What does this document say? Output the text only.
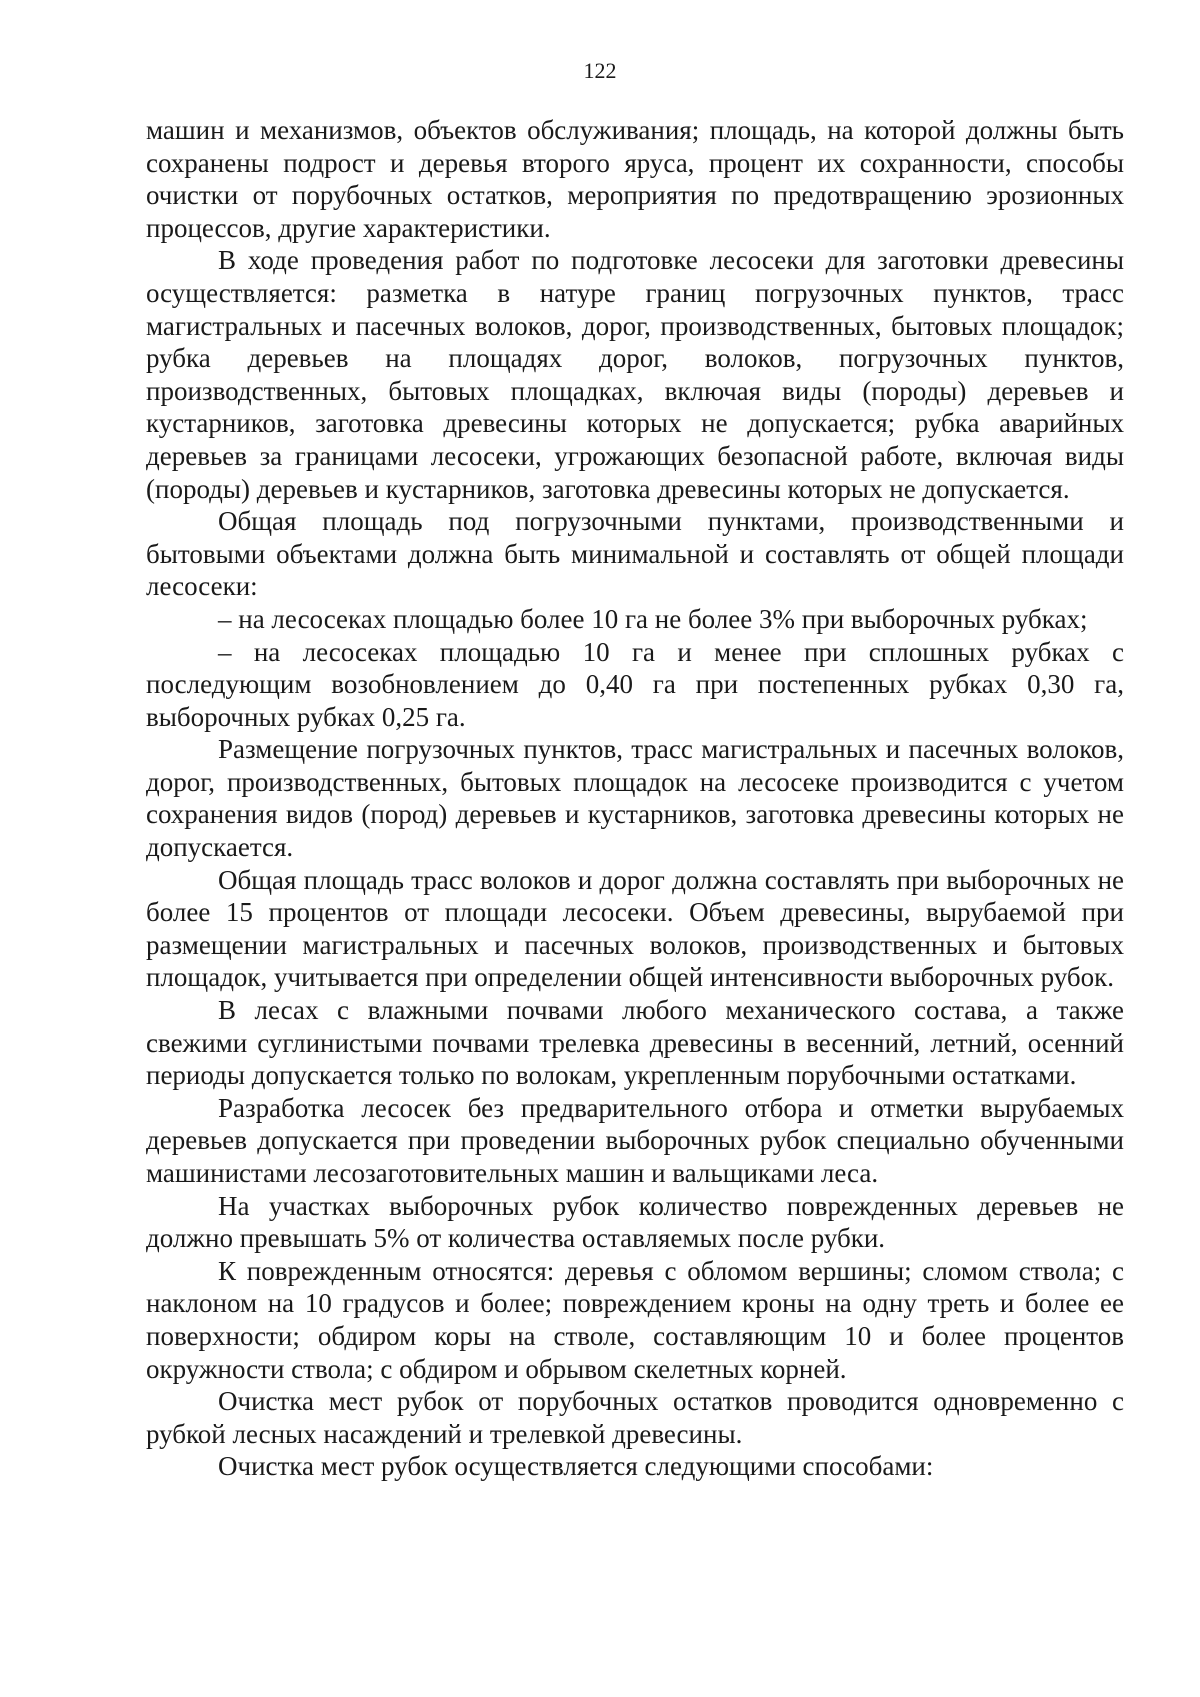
122

машин и механизмов, объектов обслуживания; площадь, на которой должны быть сохранены подрост и деревья второго яруса, процент их сохранности, способы очистки от порубочных остатков, мероприятия по предотвращению эрозионных процессов, другие характеристики.

В ходе проведения работ по подготовке лесосеки для заготовки древесины осуществляется: разметка в натуре границ погрузочных пунктов, трасс магистральных и пасечных волоков, дорог, производственных, бытовых площадок; рубка деревьев на площадях дорог, волоков, погрузочных пунктов, производственных, бытовых площадках, включая виды (породы) деревьев и кустарников, заготовка древесины которых не допускается; рубка аварийных деревьев за границами лесосеки, угрожающих безопасной работе, включая виды (породы) деревьев и кустарников, заготовка древесины которых не допускается.

Общая площадь под погрузочными пунктами, производственными и бытовыми объектами должна быть минимальной и составлять от общей площади лесосеки:

– на лесосеках площадью более 10 га не более 3% при выборочных рубках;

– на лесосеках площадью 10 га и менее при сплошных рубках с последующим возобновлением до 0,40 га при постепенных рубках 0,30 га, выборочных рубках 0,25 га.

Размещение погрузочных пунктов, трасс магистральных и пасечных волоков, дорог, производственных, бытовых площадок на лесосеке производится с учетом сохранения видов (пород) деревьев и кустарников, заготовка древесины которых не допускается.

Общая площадь трасс волоков и дорог должна составлять при выборочных не более 15 процентов от площади лесосеки. Объем древесины, вырубаемой при размещении магистральных и пасечных волоков, производственных и бытовых площадок, учитывается при определении общей интенсивности выборочных рубок.

В лесах с влажными почвами любого механического состава, а также свежими суглинистыми почвами трелевка древесины в весенний, летний, осенний периоды допускается только по волокам, укрепленным порубочными остатками.

Разработка лесосек без предварительного отбора и отметки вырубаемых деревьев допускается при проведении выборочных рубок специально обученными машинистами лесозаготовительных машин и вальщиками леса.

На участках выборочных рубок количество поврежденных деревьев не должно превышать 5% от количества оставляемых после рубки.

К поврежденным относятся: деревья с обломом вершины; сломом ствола; с наклоном на 10 градусов и более; повреждением кроны на одну треть и более ее поверхности; обдиром коры на стволе, составляющим 10 и более процентов окружности ствола; с обдиром и обрывом скелетных корней.

Очистка мест рубок от порубочных остатков проводится одновременно с рубкой лесных насаждений и трелевкой древесины.

Очистка мест рубок осуществляется следующими способами:
